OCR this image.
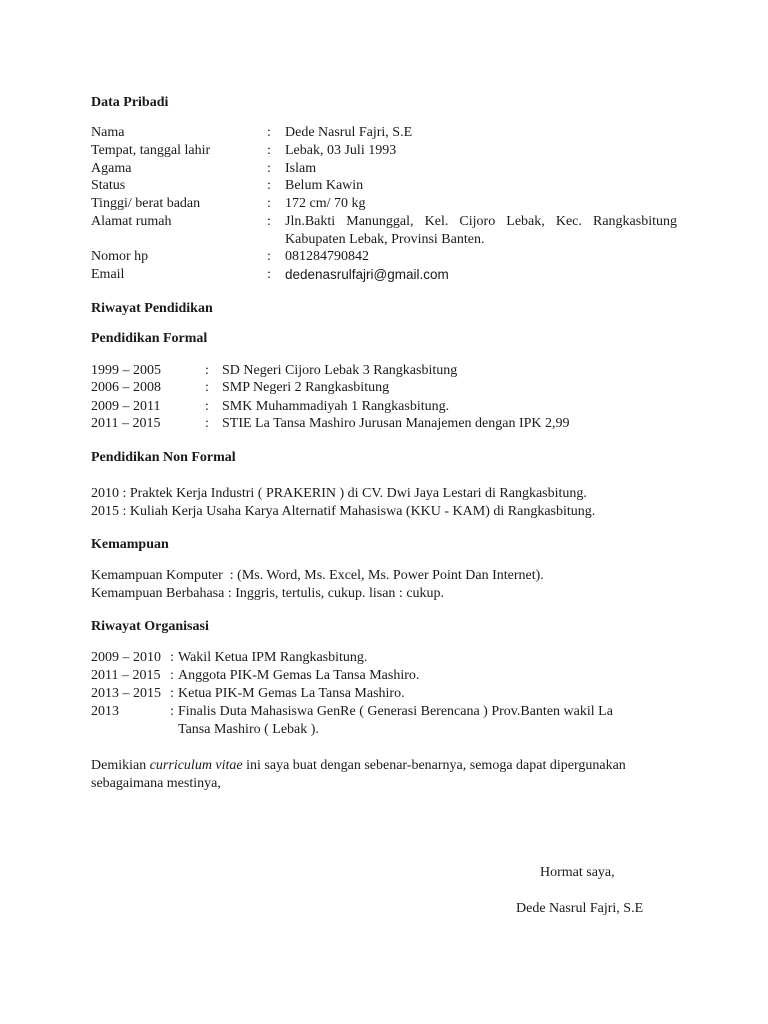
Data Pribadi
Nama	: Dede Nasrul Fajri, S.E
Tempat, tanggal lahir	: Lebak, 03 Juli 1993
Agama	: Islam
Status	: Belum Kawin
Tinggi/ berat badan	: 172 cm/ 70 kg
Alamat rumah	: Jln.Bakti Manunggal, Kel. Cijoro Lebak, Kec. Rangkasbitung
Kabupaten Lebak, Provinsi Banten.
Nomor hp	: 081284790842
Email	: dedenasrulfajri@gmail.com
Riwayat Pendidikan
Pendidikan Formal
1999 – 2005	: SD Negeri Cijoro Lebak 3 Rangkasbitung
2006 – 2008	: SMP Negeri 2 Rangkasbitung
2009 – 2011	: SMK Muhammadiyah 1 Rangkasbitung.
2011 – 2015	: STIE La Tansa Mashiro Jurusan Manajemen dengan IPK 2,99
Pendidikan Non Formal
2010 : Praktek Kerja Industri ( PRAKERIN ) di CV. Dwi Jaya Lestari di Rangkasbitung.
2015 : Kuliah Kerja Usaha Karya Alternatif Mahasiswa (KKU - KAM) di Rangkasbitung.
Kemampuan
Kemampuan Komputer  : (Ms. Word, Ms. Excel, Ms. Power Point Dan Internet).
Kemampuan Berbahasa : Inggris, tertulis, cukup. lisan : cukup.
Riwayat Organisasi
2009 – 2010 : Wakil Ketua IPM Rangkasbitung.
2011 – 2015 : Anggota PIK-M Gemas La Tansa Mashiro.
2013 – 2015 : Ketua PIK-M Gemas La Tansa Mashiro.
2013	: Finalis Duta Mahasiswa GenRe ( Generasi Berencana ) Prov.Banten wakil La
Tansa Mashiro ( Lebak ).
Demikian curriculum vitae ini saya buat dengan sebenar-benarnya, semoga dapat dipergunakan sebagaimana mestinya,
Hormat saya,
Dede Nasrul Fajri, S.E
